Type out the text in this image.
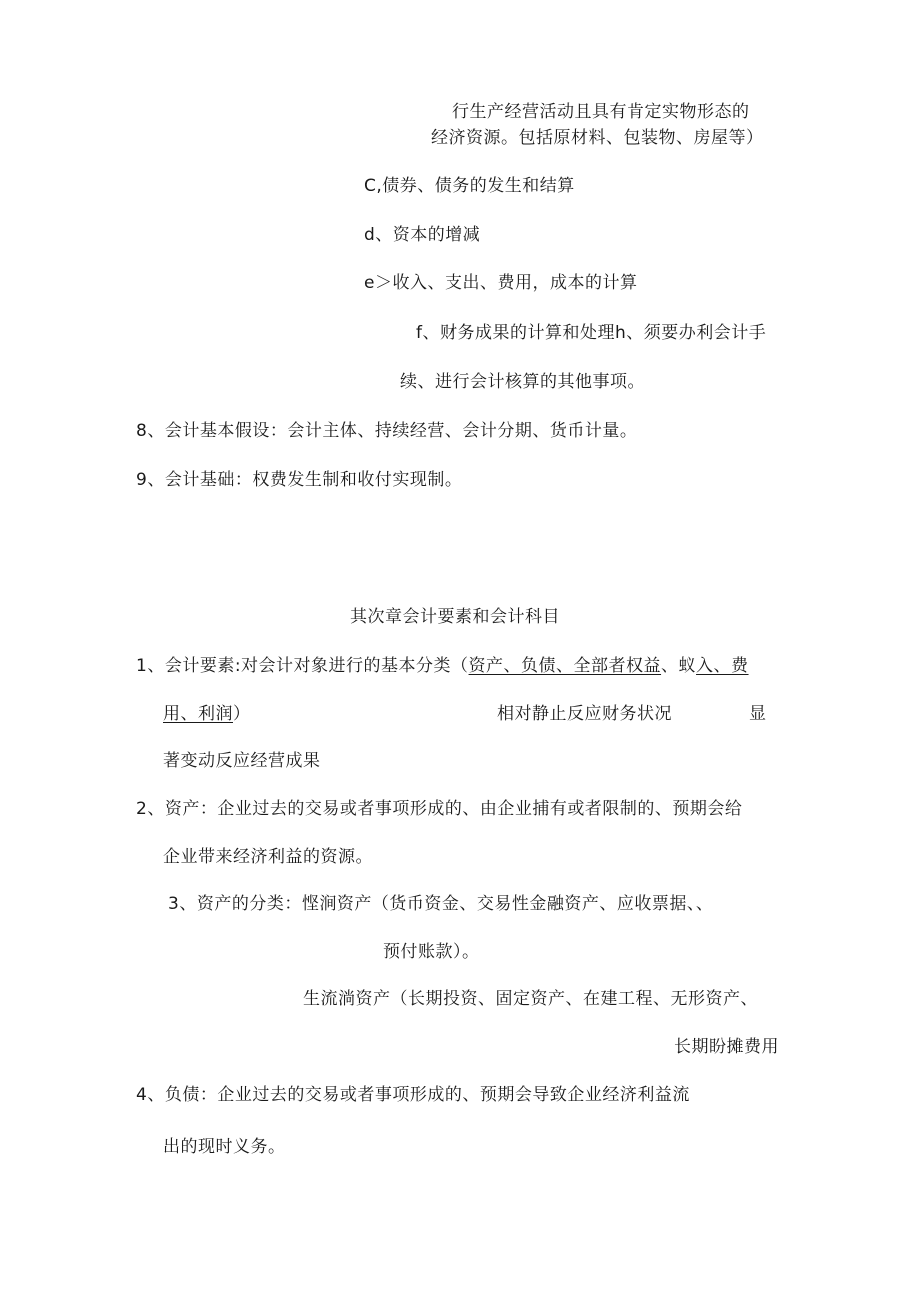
行生产经营活动且具有肯定实物形态的
经济资源。包括原材料、包装物、房屋等）
C,债券、债务的发生和结算
d、资本的增减
e＞收入、支出、费用，成本的计算
f、财务成果的计算和处理h、须要办利会计手
续、进行会计核算的其他事项。
8、会计基本假设：会计主体、持续经营、会计分期、货币计量。
9、会计基础：权费发生制和收付实现制。
其次章会计要素和会计科目
1、会计要素:对会计对象进行的基本分类（资产、负债、全部者权益、蚁入、费
用、利润）	相对静止反应财务状况	显
著变动反应经营成果
2、资产：企业过去的交易或者事项形成的、由企业捕有或者限制的、预期会给
企业带来经济利益的资源。
3、资产的分类：悭涧资产（货币资金、交易性金融资产、应收票据、、
预付账款）。
生流淌资产（长期投资、固定资产、在建工程、无形资产、
长期盼摊费用
4、负债：企业过去的交易或者事项形成的、预期会导致企业经济利益流
出的现时义务。
